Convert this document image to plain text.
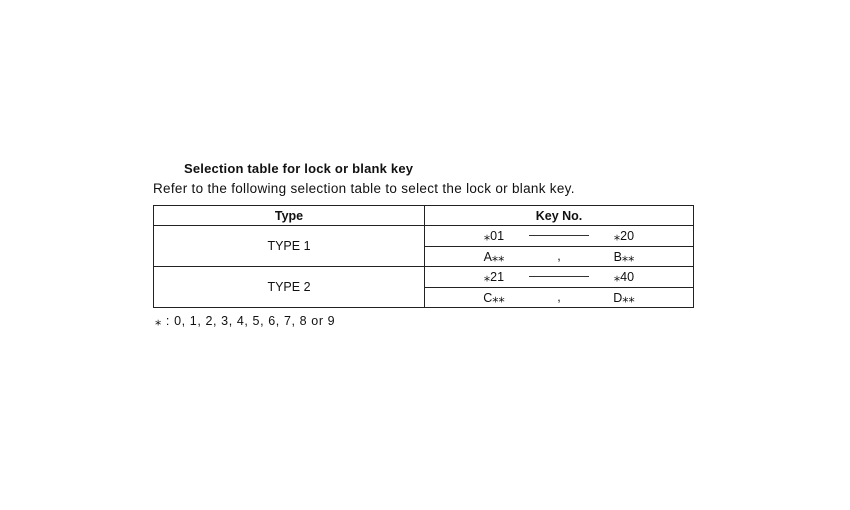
Selection table for lock or blank key
Refer to the following selection table to select the lock or blank key.
Type	Key No.
TYPE 1	⁎01 ⁎20

	A⁎⁎ , B⁎⁎

TYPE 2	⁎21 ⁎40

	C⁎⁎ , D⁎⁎
⁎ : 0, 1, 2, 3, 4, 5, 6, 7, 8 or 9
